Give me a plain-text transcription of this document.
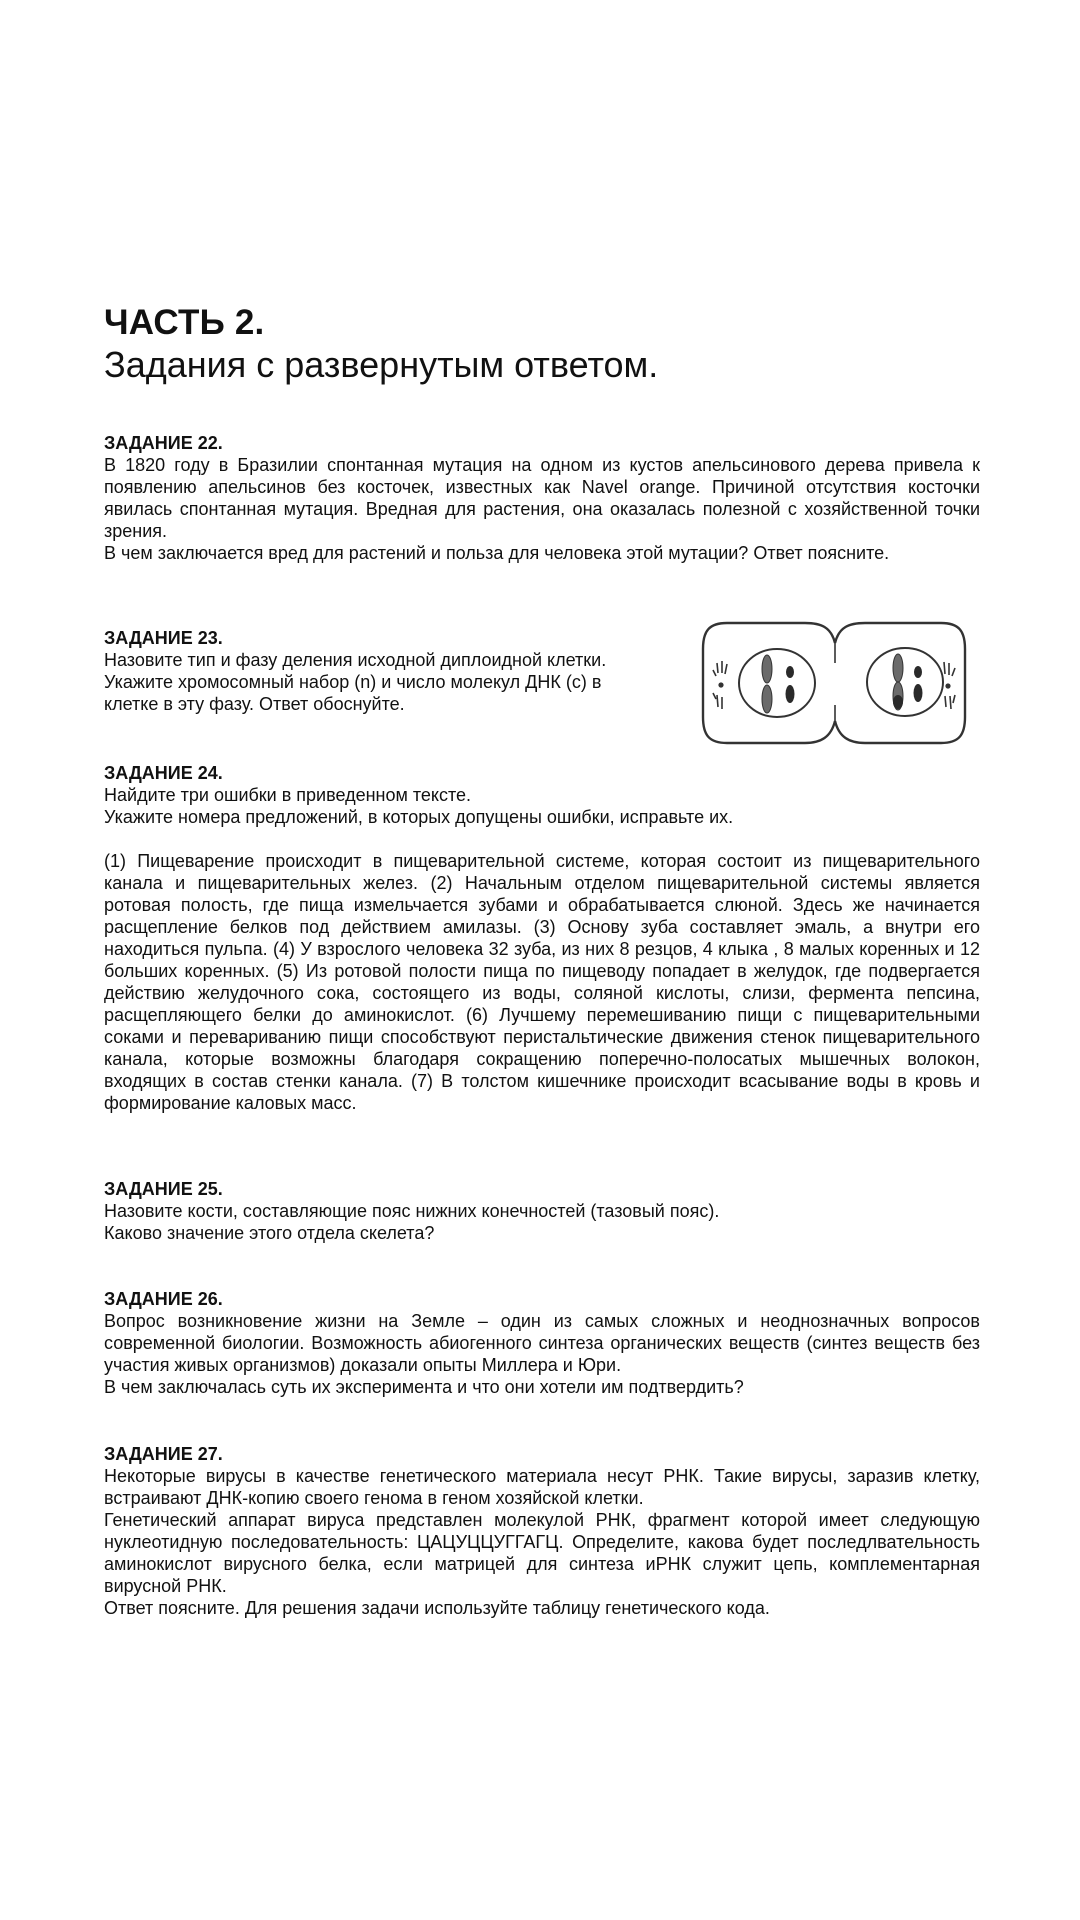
ЧАСТЬ 2.
Задания с развернутым ответом.
ЗАДАНИЕ 22.

В 1820 году в Бразилии спонтанная мутация на одном из кустов апельсинового дерева привела к появлению апельсинов без косточек, известных как Navel orange. Причиной отсутствия косточки явилась спонтанная мутация. Вредная для растения, она оказалась полезной с хозяйственной точки зрения.

В чем заключается вред для растений и польза для человека этой мутации? Ответ поясните.

ЗАДАНИЕ 23.
Назовите тип и фазу деления исходной диплоидной клетки.
Укажите хромосомный набор (n) и число молекул ДНК (с) в
клетке в эту фазу. Ответ обоснуйте.
ЗАДАНИЕ 24.
Найдите три ошибки в приведенном тексте.
Укажите номера предложений, в которых допущены ошибки, исправьте их.

(1) Пищеварение происходит в пищеварительной системе, которая состоит из пищеварительного канала и пищеварительных желез. (2) Начальным отделом пищеварительной системы является ротовая полость, где пища измельчается зубами и обрабатывается слюной. Здесь же начинается расщепление белков под действием амилазы. (3) Основу зуба составляет эмаль, а внутри его находиться пульпа. (4) У взрослого человека 32 зуба, из них 8 резцов, 4 клыка , 8 малых коренных и 12 больших коренных. (5) Из ротовой полости пища по пищеводу попадает в желудок, где подвергается действию желудочного сока, состоящего из воды, соляной кислоты, слизи, фермента пепсина, расщепляющего белки до аминокислот. (6) Лучшему перемешиванию пищи с пищеварительными соками и перевариванию пищи способствуют перистальтические движения стенок пищеварительного канала, которые возможны благодаря сокращению поперечно-полосатых мышечных волокон, входящих в состав стенки канала. (7) В толстом кишечнике происходит всасывание воды в кровь и формирование каловых масс.

ЗАДАНИЕ 25.
Назовите кости, составляющие пояс нижних конечностей (тазовый пояс).
Каково значение этого отдела скелета?
ЗАДАНИЕ 26.

Вопрос возникновение жизни на Земле – один из самых сложных и неоднозначных вопросов современной биологии. Возможность абиогенного синтеза органических веществ (синтез веществ без участия живых организмов) доказали опыты Миллера и Юри.

В чем заключалась суть их эксперимента и что они хотели им подтвердить?

ЗАДАНИЕ 27.

Некоторые вирусы в качестве генетического материала несут РНК. Такие вирусы, заразив клетку, встраивают ДНК-копию своего генома в геном хозяйской клетки.

Генетический аппарат вируса представлен молекулой РНК, фрагмент которой имеет следующую нуклеотидную последовательность: ЦАЦУЦЦУГГАГЦ. Определите, какова будет последлвательность аминокислот вирусного белка, если матрицей для синтеза иРНК служит цепь, комплементарная вирусной РНК.

Ответ поясните. Для решения задачи используйте таблицу генетического кода.
